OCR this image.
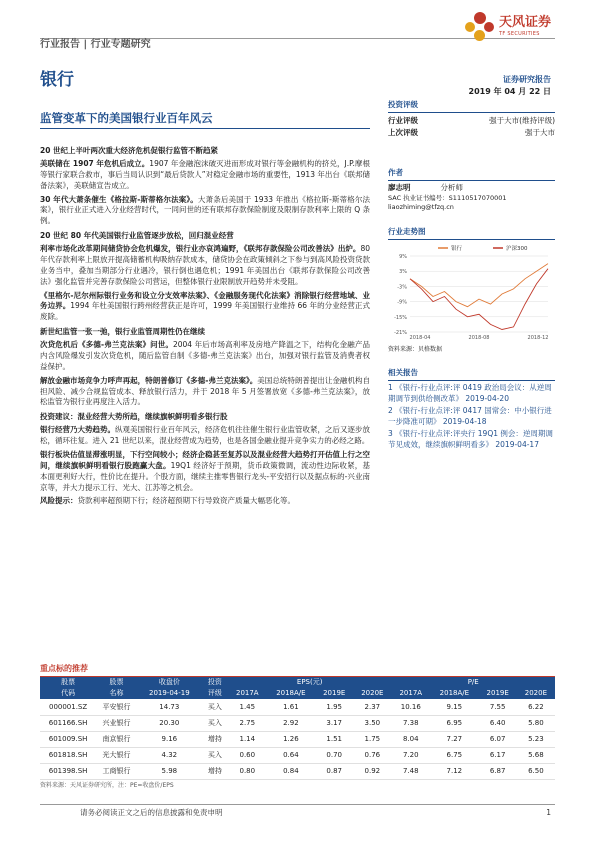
行业报告 | 行业专题研究
天风证券
TF SECURITIES
银行	证券研究报告
2019 年 04 月 22 日
监管变革下的美国银行业百年风云

20 世纪上半叶两次重大经济危机促银行监管不断趋紧

美联储在 1907 年危机后成立。1907 年金融泡沫破灭进而形成对银行等金融机构的挤兑，J.P.摩根等银行家联合救市，事后当局认识到“最后贷款人”对稳定金融市场的重要性，1913 年出台《联邦储备法案》，美联储宣告成立。

30 年代大萧条催生《格拉斯-斯蒂格尔法案》。大萧条后美国于 1933 年推出《格拉斯-斯蒂格尔法案》，银行业正式进入分业经营时代，一同问世的还有联邦存款保险制度及限制存款利率上限的 Q 条例。

20 世纪 80 年代美国银行业监管逐步放松，回归混业经营

利率市场化改革期间储贷协会危机爆发，银行业亦哀鸿遍野，《联邦存款保险公司改善法》出炉。80 年代存款利率上限放开提高储蓄机构吸纳存款成本，储贷协会在政策倾斜之下参与到高风险投资贷款业务当中，叠加当期部分行业遇冷，银行倒也遇危机；1991 年美国出台《联邦存款保险公司改善法》强化监管并完善存款保险公司营运，但整体银行业限制放开趋势并未受阻。

《里格尔-尼尔州际银行业务和设立分支效率法案》、《金融服务现代化法案》消除银行经营地域、业务边界。1994 年杜美国银行跨州经营获正是许可，1999 年美国银行业维持 66 年的分业经营正式废除。

新世纪监管一张一弛，银行业监管周期性仍在继续

次贷危机后《多德-弗兰克法案》问世。2004 年后市场高利率及房地产降温之下，结构化金融产品内含风险爆发引发次贷危机，随后监管自制《多德-弗兰克法案》出台，加强对银行监管及消费者权益保护。

解放金融市场竞争力呼声再起，特朗普修订《多德-弗兰克法案》。美国总统特朗普提出让金融机构自担风险、减少合规监管成本、释放银行活力，并于 2018 年 5 月签署放宽《多德-弗兰克法案》，放松监管为银行业再度注入活力。

投资建议：混业经营大势所趋，继续旗帜鲜明看多银行股

银行经营乃大势趋势。纵观美国银行业百年风云，经济危机往往催生银行业监管收紧，之后又逐步放松，循环往复。进入 21 世纪以来，混业经营成为趋势，也是各国金融业提升竞争实力的必经之路。

银行板块估值显滞涨明显，下行空间较小；经济企稳甚至复苏以及混业经营大趋势打开估值上行之空间，继续旗帜鲜明看银行股跑赢大盘。19Q1 经济好于预期，货币政策微调，流动性边际收紧，基本面更利好大行，性价比在提升。个股方面，继续主推零售银行龙头-平安招行以及据点标的-兴业南京等，并大力提示工行、光大、江苏等之机会。

风险提示：贷款利率超预期下行；经济超预期下行导致资产质量大幅恶化等。

投资评级
行业评级	强于大市(维持评级)
上次评级	强于大市
作者
廖志明	分析师
SAC 执业证书编号：S1110517070001
liaozhiming@tfzq.cn
行业走势图
9%
3%
-3%
-9%
-15%
-21%
2018-04	2018-08	2018-12
银行	沪深300
资料来源：贝格数据
相关报告
1 《银行-行业点评:评 0419 政治局会议：从逆周期调节到供给侧改革》 2019-04-20
2 《银行-行业点评:评 0417 国常会：中小银行进一步降准可期》 2019-04-18
3 《银行-行业点评:评央行 19Q1 例会：逆周期调节见成效，继续旗帜鲜明看多》 2019-04-17
重点标的推荐
股票	股票	收盘价	投资	EPS(元)				P/E			
代码	名称	2019-04-19	评级	2017A	2018A/E	2019E	2020E	2017A	2018A/E	2019E	2020E
000001.SZ	平安银行	14.73	买入	1.45	1.61	1.95	2.37	10.16	9.15	7.55	6.22
601166.SH	兴业银行	20.30	买入	2.75	2.92	3.17	3.50	7.38	6.95	6.40	5.80
601009.SH	南京银行	9.16	增持	1.14	1.26	1.51	1.75	8.04	7.27	6.07	5.23
601818.SH	光大银行	4.32	买入	0.60	0.64	0.70	0.76	7.20	6.75	6.17	5.68
601398.SH	工商银行	5.98	增持	0.80	0.84	0.87	0.92	7.48	7.12	6.87	6.50
资料来源：天风证券研究所，注：PE=收盘价/EPS
请务必阅读正文之后的信息披露和免责申明	1
